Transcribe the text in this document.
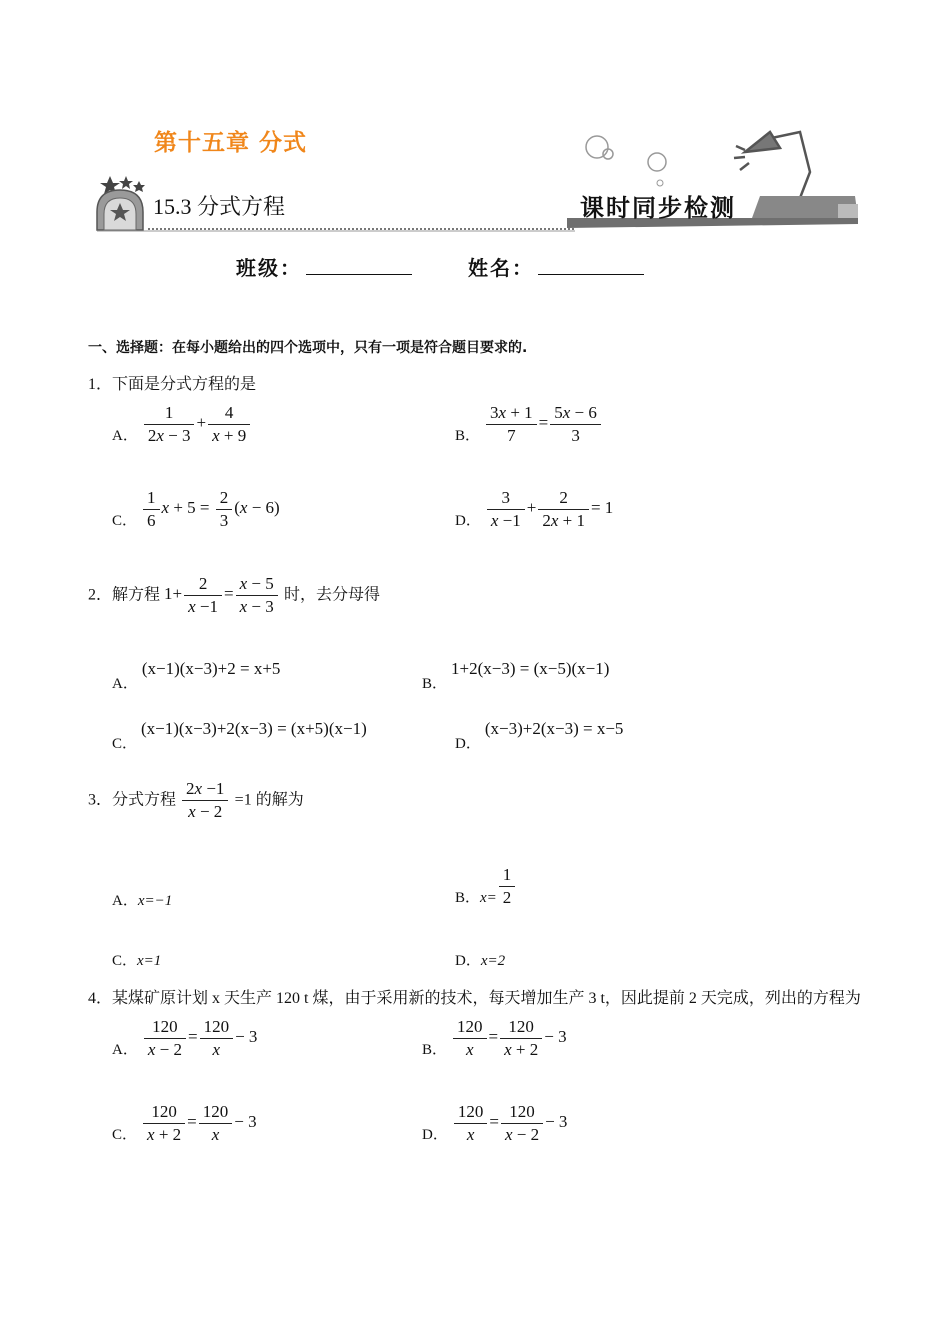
第十五章 分式
15.3 分式方程	课时同步检测
班级：	姓名：
一、选择题：在每小题给出的四个选项中，只有一项是符合题目要求的.
1．下面是分式方程的是
A． $\frac{1}{2x - 3} + \frac{4}{x + 9}$	B． $\frac{3x + 1}{7} = \frac{5x - 6}{3}$
C． $\frac{1}{6}$ $x + 5 = \frac{2}{3} (x - 6)$
D． $\frac{3}{x -1} + \frac{2}{2x + 1} = 1$
2．解方程 $1+ \frac{2}{x -1} = \frac{x - 5}{x - 3}$ 时，去分母得
A． (x−1)(x−3)+2 = x+5
B． 1+2(x−3) = (x−5)(x−1)
C． (x−1)(x−3)+2(x−3) = (x+5)(x−1)
D． (x−3)+2(x−3) = x−5
3．分式方程 $\frac{2x -1}{x - 2} =1$ 的解为
A．x=−1	B．$x= \frac{1}{2}$
C．x=1	D．x=2
4．某煤矿原计划 x 天生产 120 t 煤，由于采用新的技术，每天增加生产 3 t，因此提前 2 天完成，列出的方程为
A． $\frac{120}{x - 2} = \frac{120}{x} - 3$
B． $\frac{120}{x} = \frac{120}{x + 2} - 3$
C． $\frac{120}{x + 2} = \frac{120}{x} - 3$
D． $\frac{120}{x} = \frac{120}{x - 2} - 3$
